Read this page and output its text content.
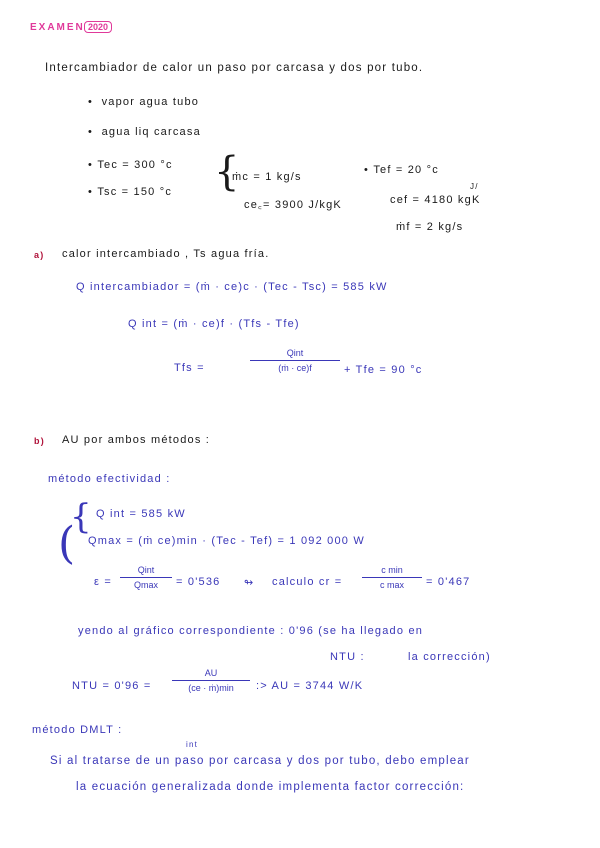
EXAMEN 2020
Intercambiador de calor un paso por carcasa y dos por tubo.
•  vapor agua tubo
•  agua liq carcasa
• Tec = 300 °c
• Tsc = 150 °c {
ṁc = 1 kg/s
ce꜀= 3900 J/kgK
• Tef = 20 °c
cef = 4180 kgK
J/
ṁf = 2 kg/s
a) calor intercambiado , Ts agua fría.
Q intercambiador = (ṁ · ce)c · (Tec - Tsc) = 585 kW
Q int = (ṁ · ce)f · (Tfs - Tfe)
Tfs =
Qint
(ṁ · ce)f	+ Tfe = 90 °c
b) AU por ambos métodos :
método efectividad :
{
(
Q int = 585 kW
Qmax = (ṁ ce)min · (Tec - Tef) = 1 092 000 W
ε =
Qint
Qmax	= 0'536 ↬ calculo cr =
c min
c max	= 0'467
yendo al gráfico correspondiente : 0'96 (se ha llegado en
NTU :	la corrección)
NTU = 0'96 =
AU
(ce · ṁ)min	:> AU = 3744 W/K
método DMLT :
int
Si al tratarse de un paso por carcasa y dos por tubo, debo emplear
la ecuación generalizada donde implementa factor corrección:
